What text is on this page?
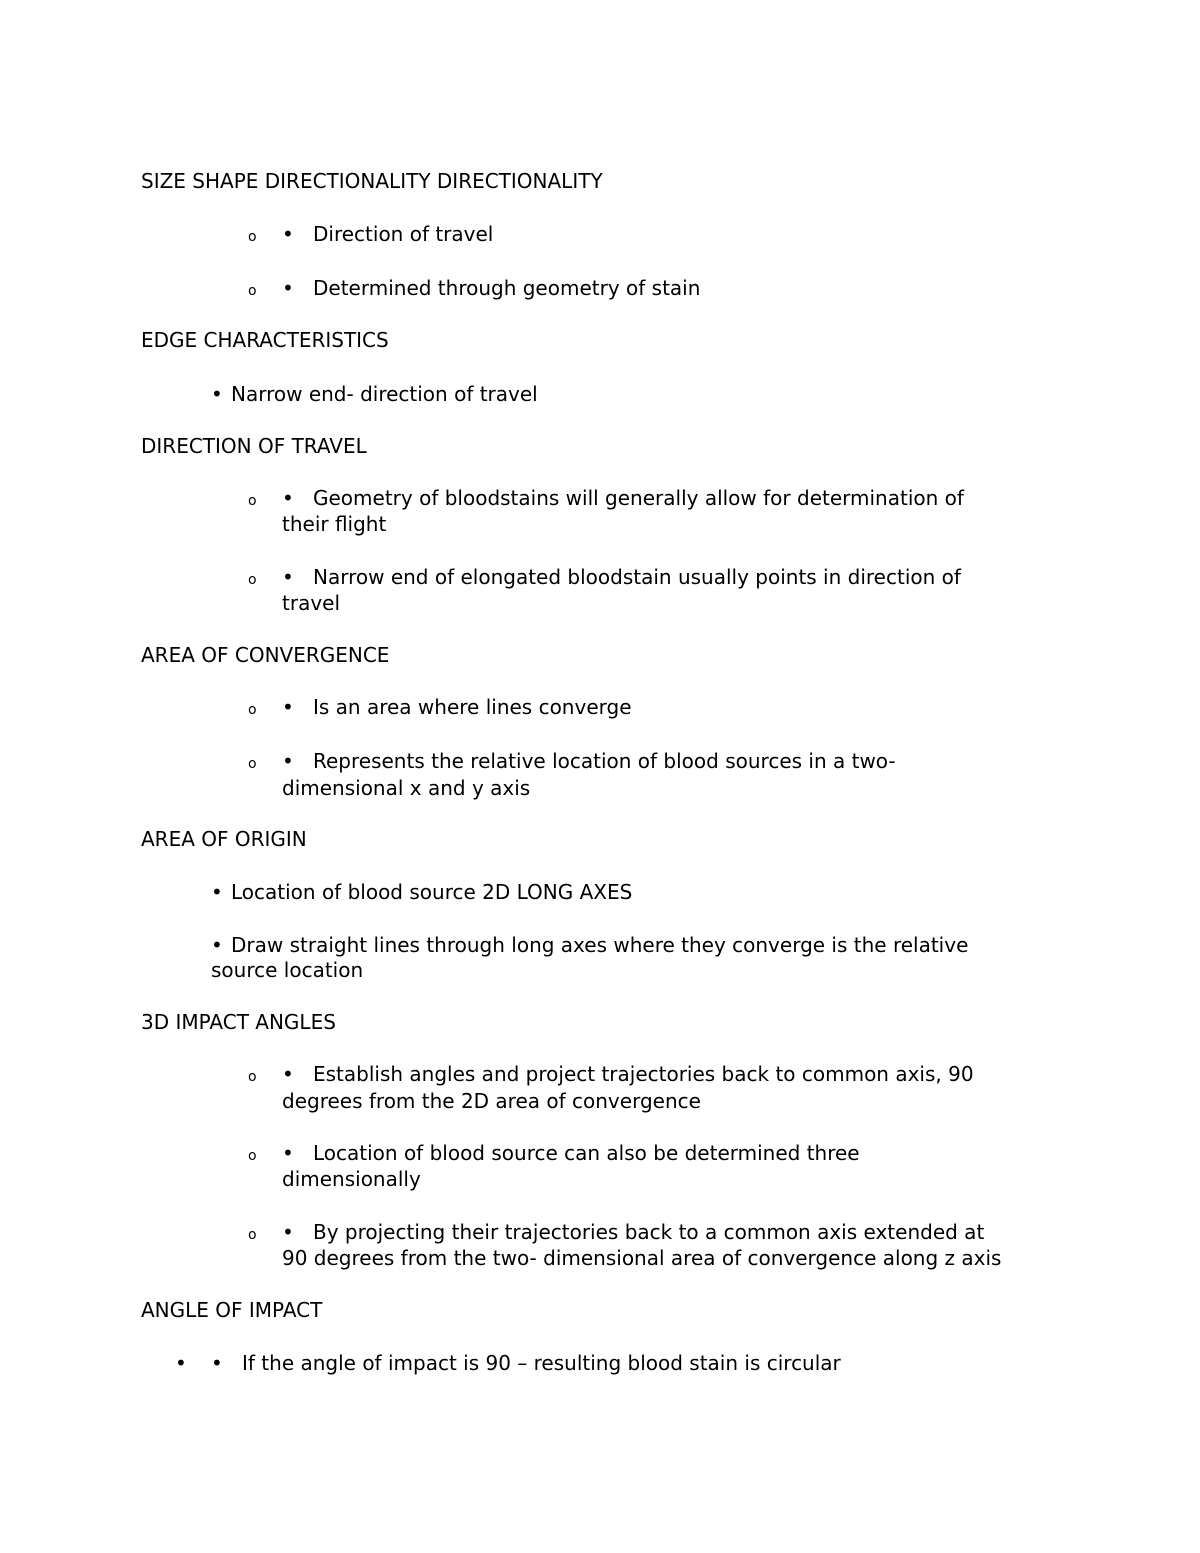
SIZE SHAPE DIRECTIONALITY DIRECTIONALITY
o • Direction of travel
o • Determined through geometry of stain
EDGE CHARACTERISTICS
• Narrow end- direction of travel
DIRECTION OF TRAVEL
o • Geometry of bloodstains will generally allow for determination of
their flight
o • Narrow end of elongated bloodstain usually points in direction of
travel
AREA OF CONVERGENCE
o • Is an area where lines converge
o • Represents the relative location of blood sources in a two-
dimensional x and y axis
AREA OF ORIGIN
• Location of blood source 2D LONG AXES
• Draw straight lines through long axes where they converge is the relative
source location
3D IMPACT ANGLES
o • Establish angles and project trajectories back to common axis, 90
degrees from the 2D area of convergence
o • Location of blood source can also be determined three
dimensionally
o • By projecting their trajectories back to a common axis extended at
90 degrees from the two- dimensional area of convergence along z axis
ANGLE OF IMPACT
• • If the angle of impact is 90 – resulting blood stain is circular
